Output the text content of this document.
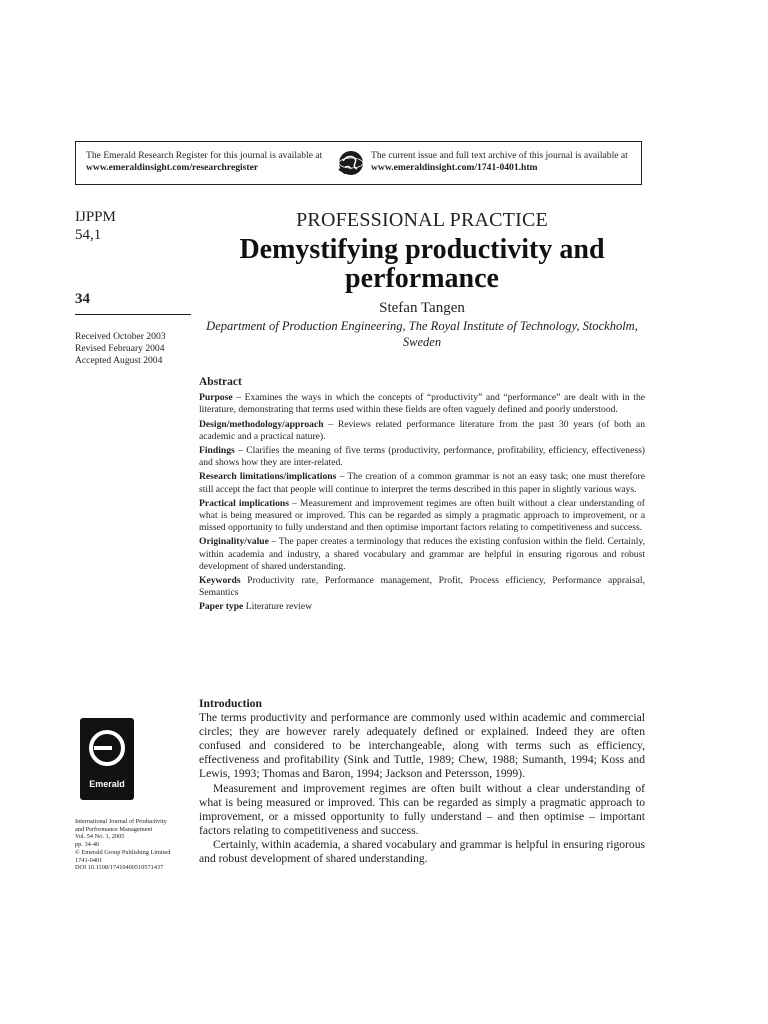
The Emerald Research Register for this journal is available at
www.emeraldinsight.com/researchregister
The current issue and full text archive of this journal is available at
www.emeraldinsight.com/1741-0401.htm
IJPPM
54,1
34
Received October 2003
Revised February 2004
Accepted August 2004
PROFESSIONAL PRACTICE
Demystifying productivity and performance
Stefan Tangen
Department of Production Engineering, The Royal Institute of Technology, Stockholm, Sweden
Abstract

Purpose – Examines the ways in which the concepts of “productivity” and “performance” are dealt with in the literature, demonstrating that terms used within these fields are often vaguely defined and poorly understood.

Design/methodology/approach – Reviews related performance literature from the past 30 years (of both an academic and a practical nature).

Findings – Clarifies the meaning of five terms (productivity, performance, profitability, efficiency, effectiveness) and shows how they are inter-related.

Research limitations/implications – The creation of a common grammar is not an easy task; one must therefore still accept the fact that people will continue to interpret the terms described in this paper in slightly various ways.

Practical implications – Measurement and improvement regimes are often built without a clear understanding of what is being measured or improved. This can be regarded as simply a pragmatic approach to improvement, or a missed opportunity to fully understand and then optimise important factors relating to competitiveness and success.

Originality/value – The paper creates a terminology that reduces the existing confusion within the field. Certainly, within academia and industry, a shared vocabulary and grammar are helpful in ensuring rigorous and robust development of shared understanding.

Keywords Productivity rate, Performance management, Profit, Process efficiency, Performance appraisal, Semantics

Paper type Literature review

Introduction

The terms productivity and performance are commonly used within academic and commercial circles; they are however rarely adequately defined or explained. Indeed they are often confused and considered to be interchangeable, along with terms such as efficiency, effectiveness and profitability (Sink and Tuttle, 1989; Chew, 1988; Sumanth, 1994; Koss and Lewis, 1993; Thomas and Baron, 1994; Jackson and Petersson, 1999).

Measurement and improvement regimes are often built without a clear understanding of what is being measured or improved. This can be regarded as simply a pragmatic approach to improvement, or a missed opportunity to fully understand – and then optimise – important factors relating to competitiveness and success.

Certainly, within academia, a shared vocabulary and grammar is helpful in ensuring rigorous and robust development of shared understanding.

Emerald
International Journal of Productivity
and Performance Management
Vol. 54 No. 1, 2005
pp. 34-46
© Emerald Group Publishing Limited
1741-0401
DOI 10.1108/17410400510571437
